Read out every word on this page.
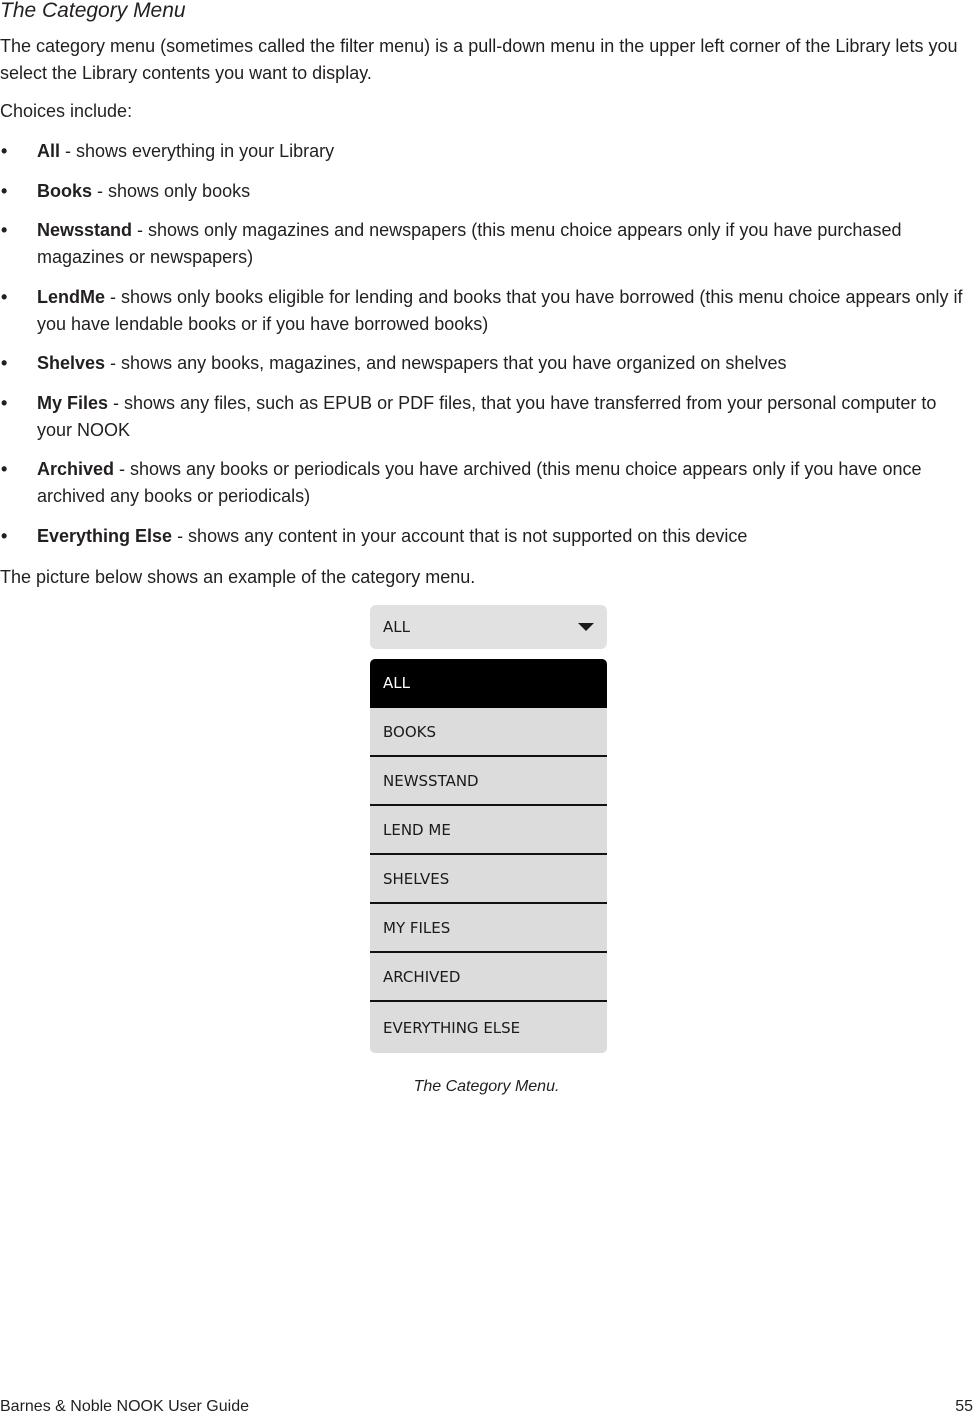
The Category Menu

The category menu (sometimes called the filter menu) is a pull-down menu in the upper left corner of the Library lets you select the Library contents you want to display.

Choices include:

• All - shows everything in your Library
• Books - shows only books
• Newsstand - shows only magazines and newspapers (this menu choice appears only if you have purchased magazines or newspapers)
• LendMe - shows only books eligible for lending and books that you have borrowed (this menu choice appears only if you have lendable books or if you have borrowed books)
• Shelves - shows any books, magazines, and newspapers that you have organized on shelves
• My Files - shows any files, such as EPUB or PDF files, that you have transferred from your personal computer to your NOOK
• Archived - shows any books or periodicals you have archived (this menu choice appears only if you have once archived any books or periodicals)
• Everything Else - shows any content in your account that is not supported on this device

The picture below shows an example of the category menu.

ALL
ALL
BOOKS
NEWSSTAND
LEND ME
SHELVES
MY FILES
ARCHIVED
EVERYTHING ELSE

The Category Menu.

Barnes & Noble NOOK User Guide	55
